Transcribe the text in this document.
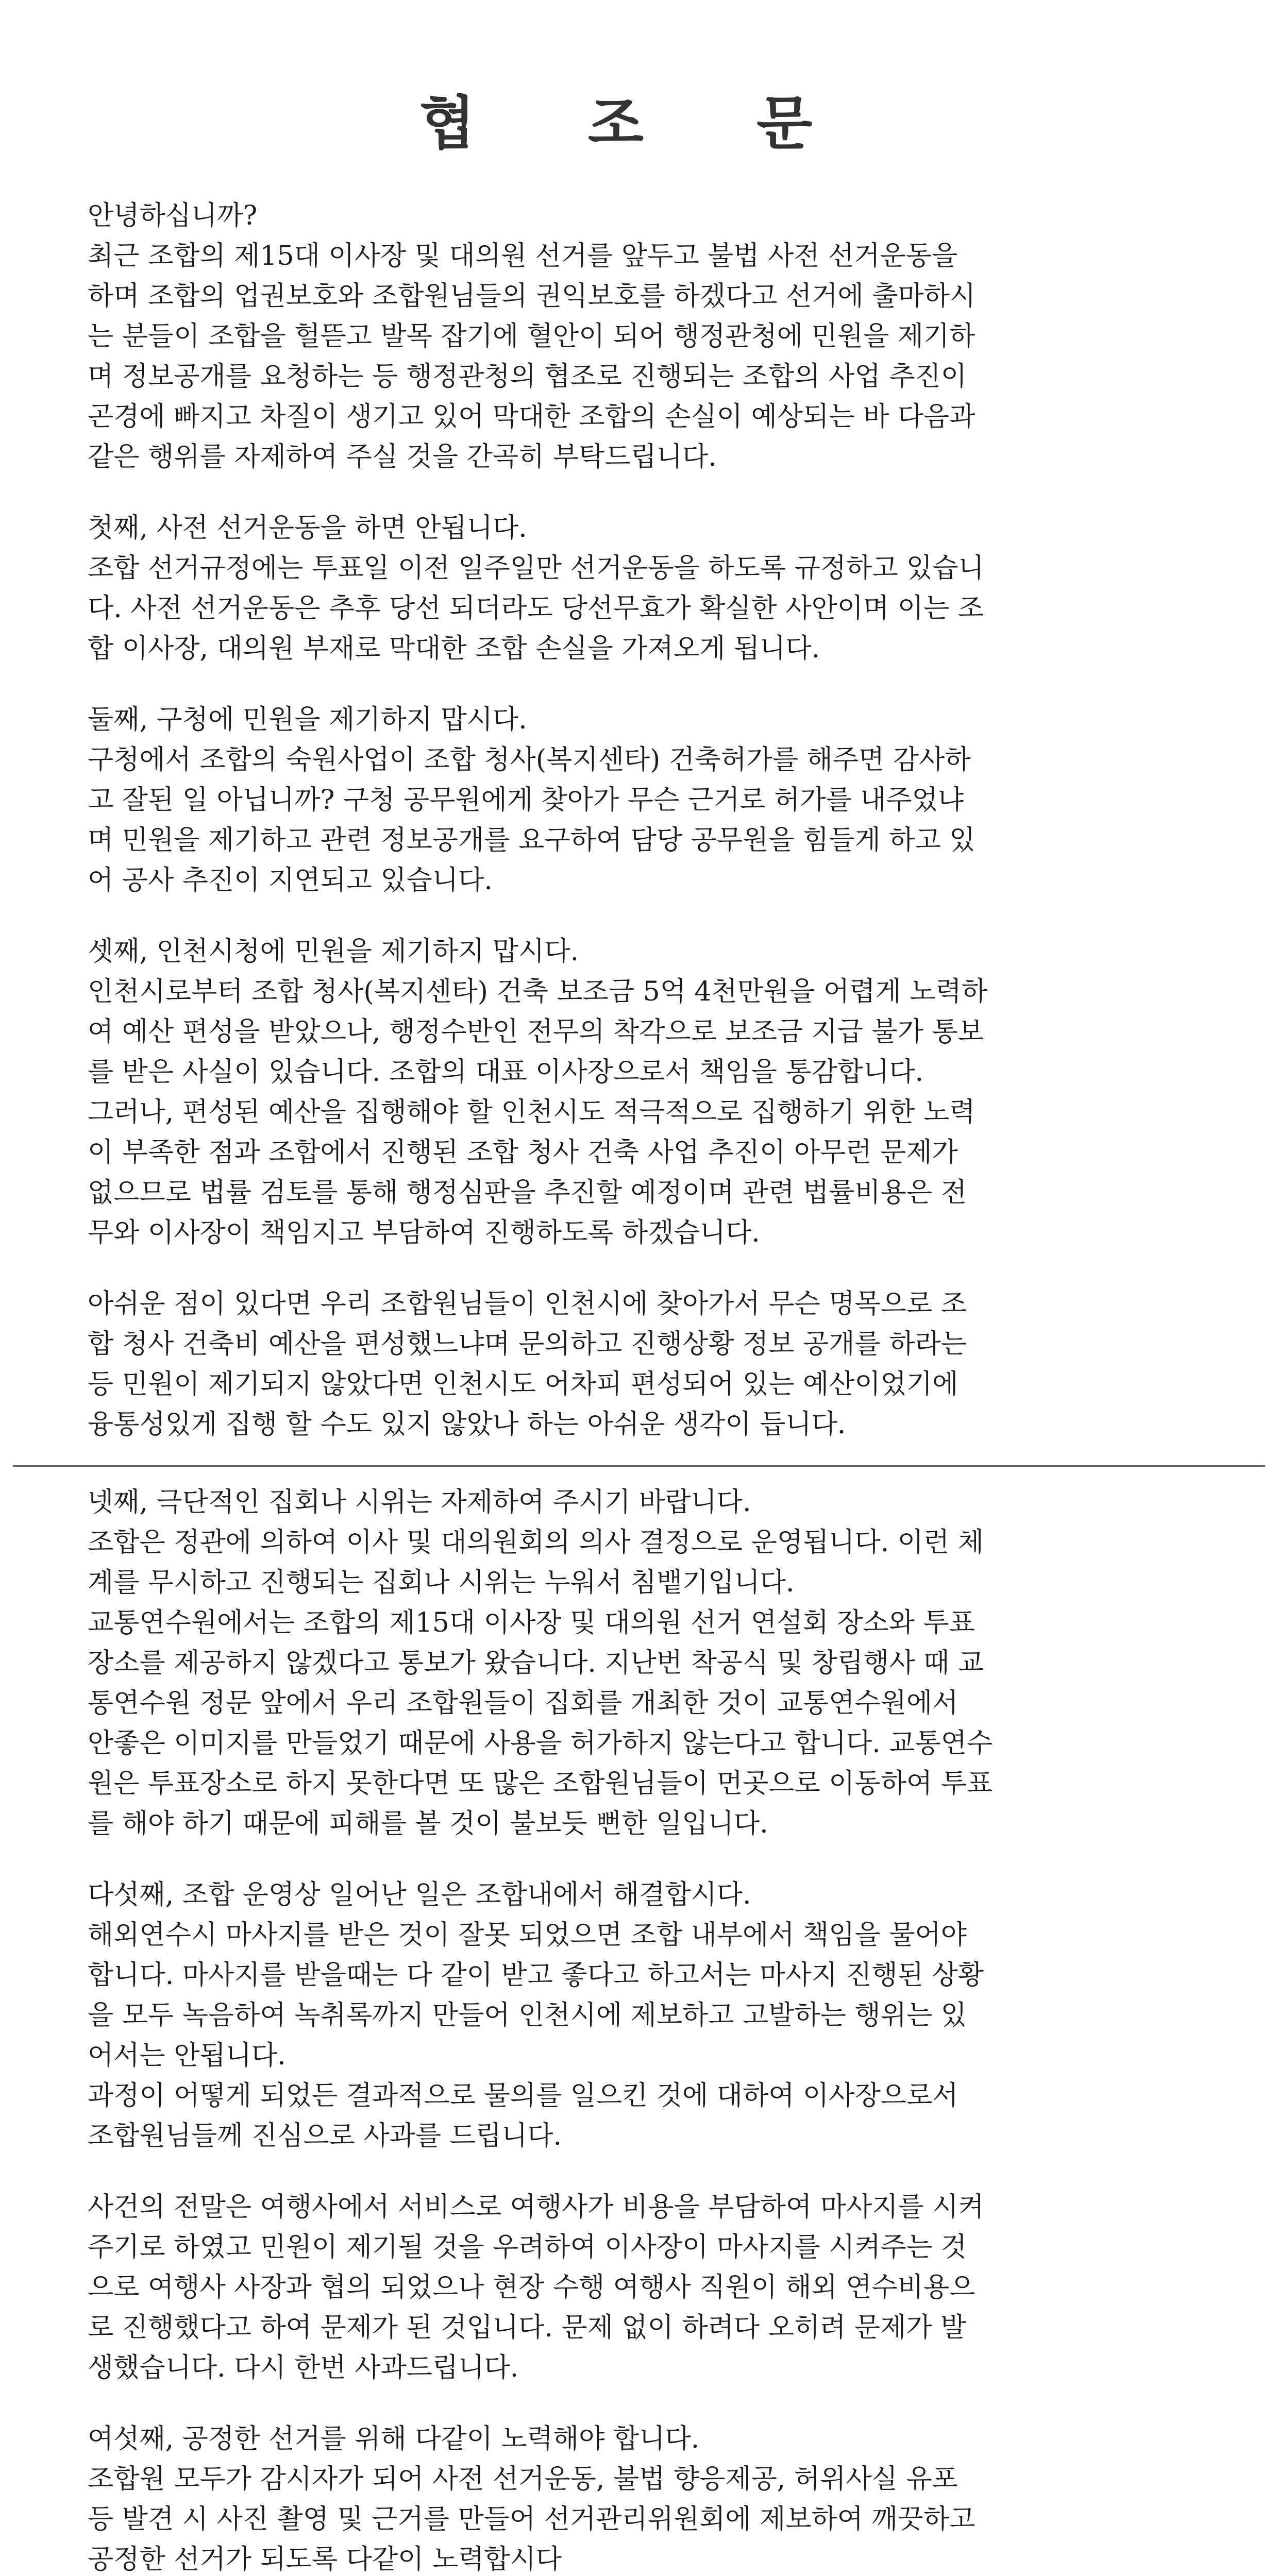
협 조 문

안녕하십니까?

최근 조합의 제15대 이사장 및 대의원 선거를 앞두고 불법 사전 선거운동을
하며 조합의 업권보호와 조합원님들의 권익보호를 하겠다고 선거에 출마하시
는 분들이 조합을 헐뜯고 발목 잡기에 혈안이 되어 행정관청에 민원을 제기하
며 정보공개를 요청하는 등 행정관청의 협조로 진행되는 조합의 사업 추진이
곤경에 빠지고 차질이 생기고 있어 막대한 조합의 손실이 예상되는 바 다음과
같은 행위를 자제하여 주실 것을 간곡히 부탁드립니다.

첫째, 사전 선거운동을 하면 안됩니다.
조합 선거규정에는 투표일 이전 일주일만 선거운동을 하도록 규정하고 있습니
다. 사전 선거운동은 추후 당선 되더라도 당선무효가 확실한 사안이며 이는 조
합 이사장, 대의원 부재로 막대한 조합 손실을 가져오게 됩니다.

둘째, 구청에 민원을 제기하지 맙시다.
구청에서 조합의 숙원사업이 조합 청사(복지센타) 건축허가를 해주면 감사하
고 잘된 일 아닙니까? 구청 공무원에게 찾아가 무슨 근거로 허가를 내주었냐
며 민원을 제기하고 관련 정보공개를 요구하여 담당 공무원을 힘들게 하고 있
어 공사 추진이 지연되고 있습니다.

셋째, 인천시청에 민원을 제기하지 맙시다.
인천시로부터 조합 청사(복지센타) 건축 보조금 5억 4천만원을 어렵게 노력하
여 예산 편성을 받았으나, 행정수반인 전무의 착각으로 보조금 지급 불가 통보
를 받은 사실이 있습니다. 조합의 대표 이사장으로서 책임을 통감합니다.
그러나, 편성된 예산을 집행해야 할 인천시도 적극적으로 집행하기 위한 노력
이 부족한 점과 조합에서 진행된 조합 청사 건축 사업 추진이 아무런 문제가
없으므로 법률 검토를 통해 행정심판을 추진할 예정이며 관련 법률비용은 전
무와 이사장이 책임지고 부담하여 진행하도록 하겠습니다.

아쉬운 점이 있다면 우리 조합원님들이 인천시에 찾아가서 무슨 명목으로 조
합 청사 건축비 예산을 편성했느냐며 문의하고 진행상황 정보 공개를 하라는
등 민원이 제기되지 않았다면 인천시도 어차피 편성되어 있는 예산이었기에
융통성있게 집행 할 수도 있지 않았나 하는 아쉬운 생각이 듭니다.

넷째, 극단적인 집회나 시위는 자제하여 주시기 바랍니다.
조합은 정관에 의하여 이사 및 대의원회의 의사 결정으로 운영됩니다. 이런 체
계를 무시하고 진행되는 집회나 시위는 누워서 침뱉기입니다.
교통연수원에서는 조합의 제15대 이사장 및 대의원 선거 연설회 장소와 투표
장소를 제공하지 않겠다고 통보가 왔습니다. 지난번 착공식 및 창립행사 때 교
통연수원 정문 앞에서 우리 조합원들이 집회를 개최한 것이 교통연수원에서
안좋은 이미지를 만들었기 때문에 사용을 허가하지 않는다고 합니다. 교통연수
원은 투표장소로 하지 못한다면 또 많은 조합원님들이 먼곳으로 이동하여 투표
를 해야 하기 때문에 피해를 볼 것이 불보듯 뻔한 일입니다.

다섯째, 조합 운영상 일어난 일은 조합내에서 해결합시다.
해외연수시 마사지를 받은 것이 잘못 되었으면 조합 내부에서 책임을 물어야
합니다. 마사지를 받을때는 다 같이 받고 좋다고 하고서는 마사지 진행된 상황
을 모두 녹음하여 녹취록까지 만들어 인천시에 제보하고 고발하는 행위는 있
어서는 안됩니다.
과정이 어떻게 되었든 결과적으로 물의를 일으킨 것에 대하여 이사장으로서
조합원님들께 진심으로 사과를 드립니다.

사건의 전말은 여행사에서 서비스로 여행사가 비용을 부담하여 마사지를 시켜
주기로 하였고 민원이 제기될 것을 우려하여 이사장이 마사지를 시켜주는 것
으로 여행사 사장과 협의 되었으나 현장 수행 여행사 직원이 해외 연수비용으
로 진행했다고 하여 문제가 된 것입니다. 문제 없이 하려다 오히려 문제가 발
생했습니다. 다시 한번 사과드립니다.

여섯째, 공정한 선거를 위해 다같이 노력해야 합니다.
조합원 모두가 감시자가 되어 사전 선거운동, 불법 향응제공, 허위사실 유포
등 발견 시 사진 촬영 및 근거를 만들어 선거관리위원회에 제보하여 깨끗하고
공정한 선거가 되도록 다같이 노력합시다
